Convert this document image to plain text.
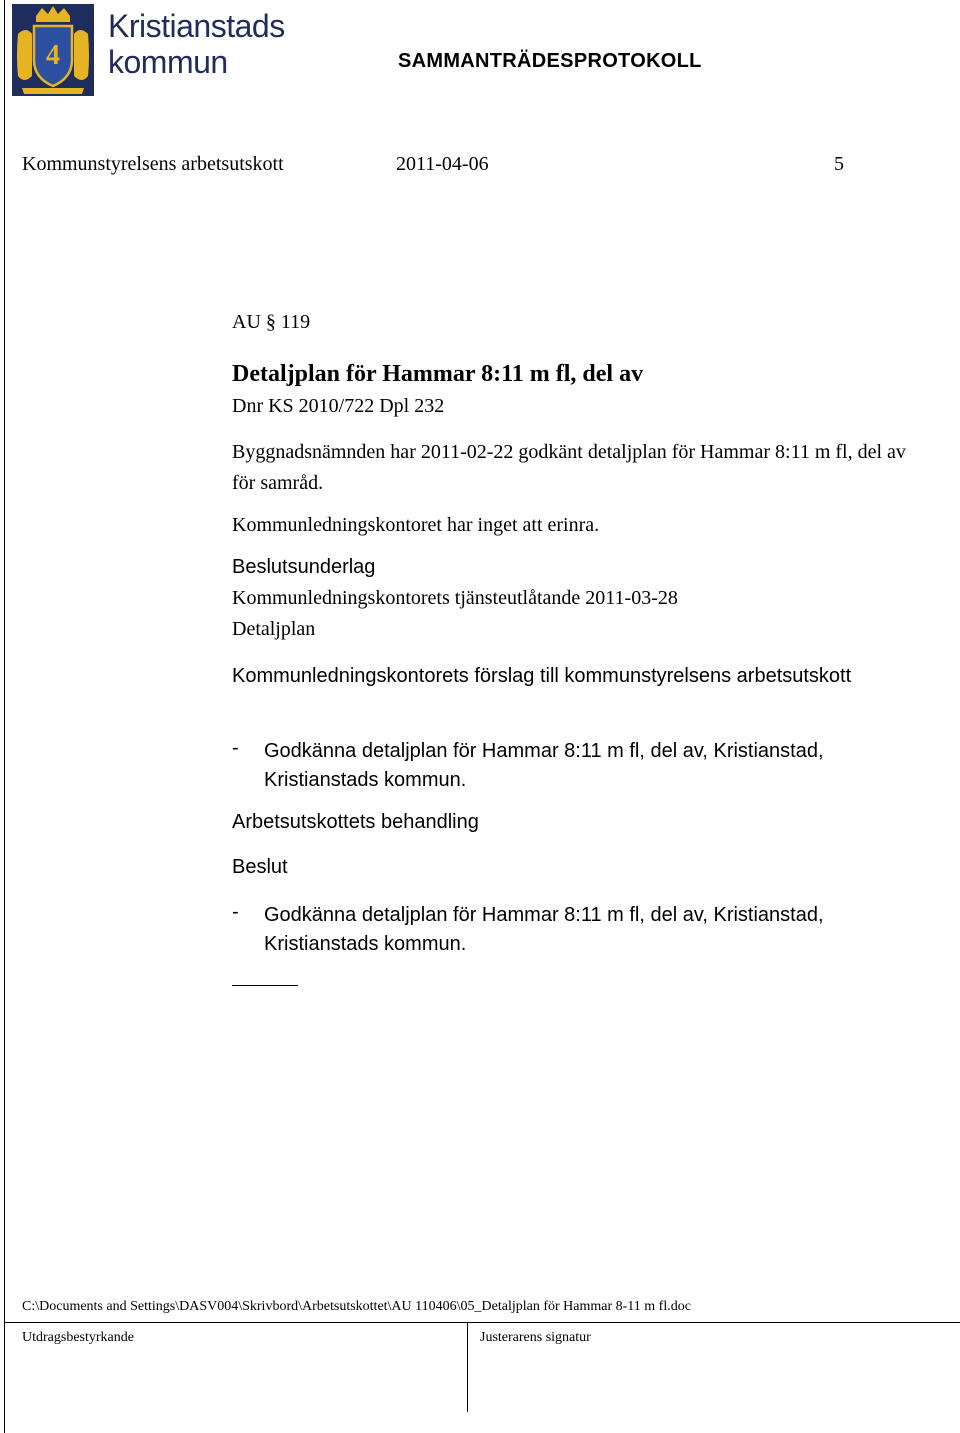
4
Kristianstads
kommun	SAMMANTRÄDESPROTOKOLL
Kommunstyrelsens arbetsutskott	2011-04-06	5
AU § 119
Detaljplan för Hammar 8:11 m fl, del av
Dnr KS 2010/722 Dpl 232
Byggnadsnämnden har 2011-02-22 godkänt detaljplan för Hammar 8:11 m fl, del av för samråd.
Kommunledningskontoret har inget att erinra.
Beslutsunderlag
Kommunledningskontorets tjänsteutlåtande 2011-03-28
Detaljplan
Kommunledningskontorets förslag till kommunstyrelsens arbetsutskott
- Godkänna detaljplan för Hammar 8:11 m fl, del av, Kristianstad, Kristianstads kommun.
Arbetsutskottets behandling
Beslut
- Godkänna detaljplan för Hammar 8:11 m fl, del av, Kristianstad, Kristianstads kommun.
C:\Documents and Settings\DASV004\Skrivbord\Arbetsutskottet\AU 110406\05_Detaljplan för Hammar 8-11 m fl.doc
Utdragsbestyrkande	Justerarens signatur
